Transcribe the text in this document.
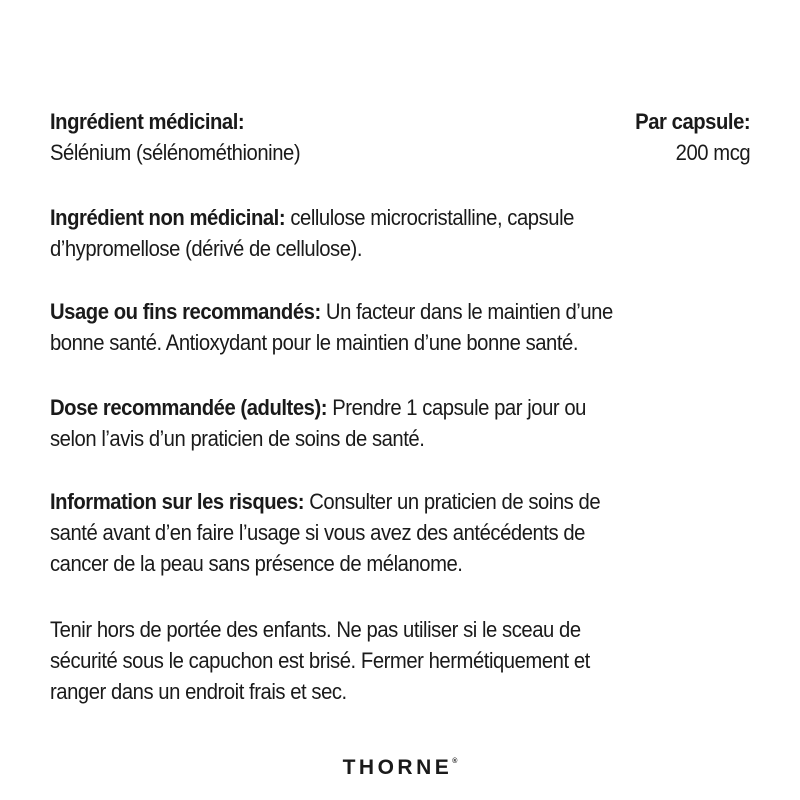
Ingrédient médicinal:	Par capsule:
Sélénium (sélénométhionine)	200 mcg
Ingrédient non médicinal: cellulose microcristalline, capsule
d’hypromellose (dérivé de cellulose).
Usage ou fins recommandés: Un facteur dans le maintien d’une
bonne santé. Antioxydant pour le maintien d’une bonne santé.
Dose recommandée (adultes): Prendre 1 capsule par jour ou
selon l’avis d’un praticien de soins de santé.
Information sur les risques: Consulter un praticien de soins de
santé avant d’en faire l’usage si vous avez des antécédents de
cancer de la peau sans présence de mélanome.
Tenir hors de portée des enfants. Ne pas utiliser si le sceau de
sécurité sous le capuchon est brisé. Fermer hermétiquement et
ranger dans un endroit frais et sec.
THORNE®
